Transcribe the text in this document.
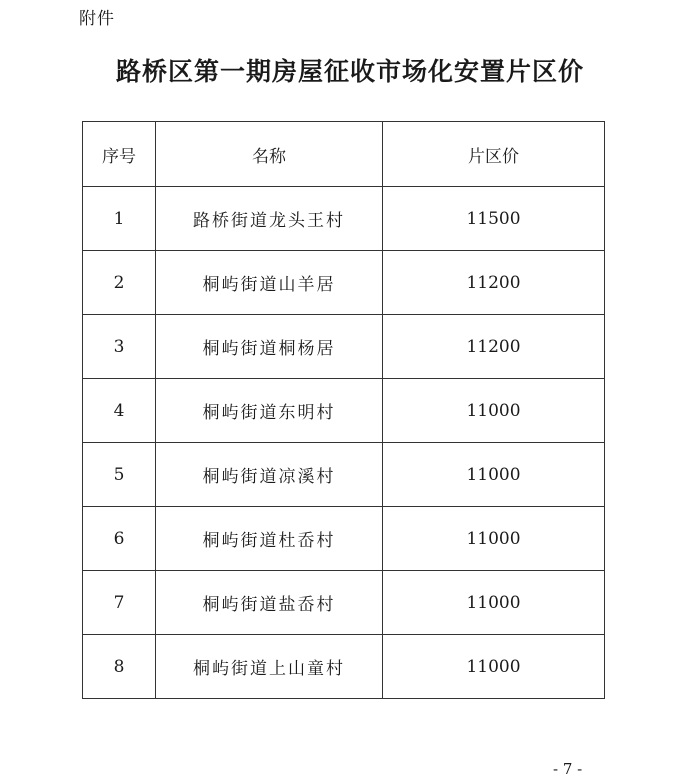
附件
路桥区第一期房屋征收市场化安置片区价
序号	名称	片区价
1	路桥街道龙头王村	11500
2	桐屿街道山羊居	11200
3	桐屿街道桐杨居	11200
4	桐屿街道东明村	11000
5	桐屿街道凉溪村	11000
6	桐屿街道杜岙村	11000
7	桐屿街道盐岙村	11000
8	桐屿街道上山童村	11000
- 7 -
